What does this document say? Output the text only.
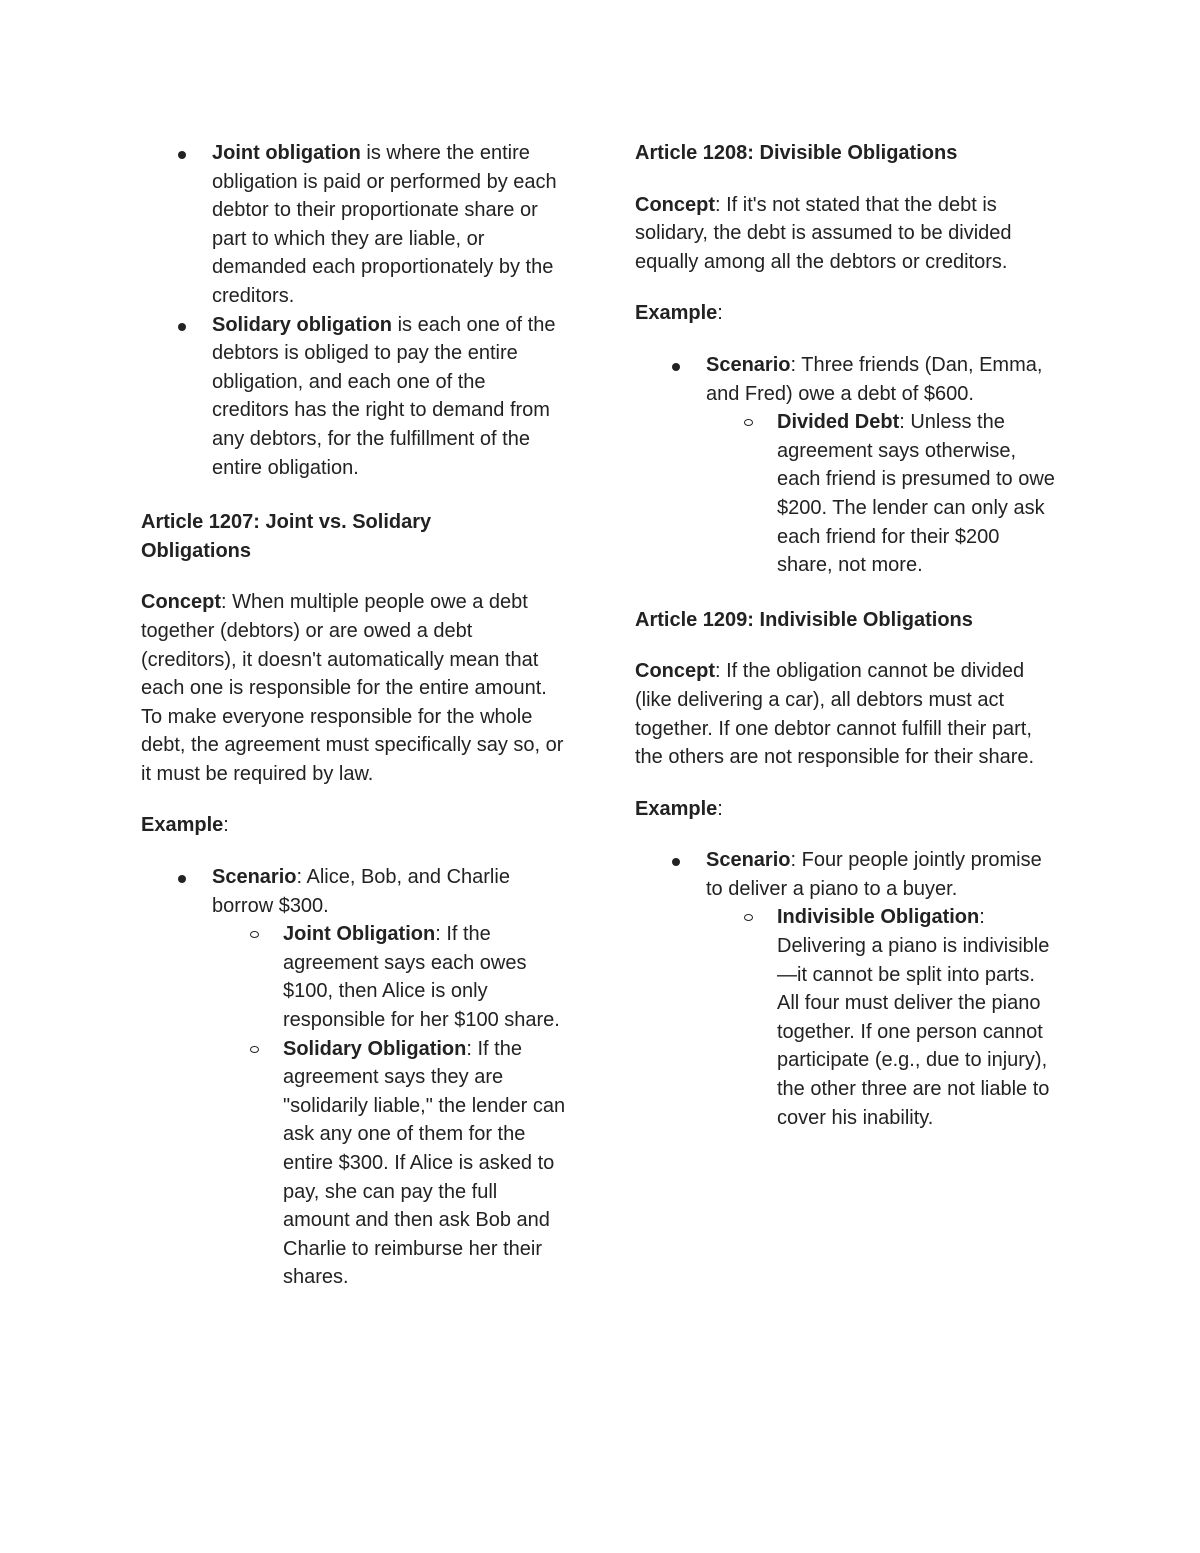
Joint obligation is where the entire obligation is paid or performed by each debtor to their proportionate share or part to which they are liable, or demanded each proportionately by the creditors.
Solidary obligation is each one of the debtors is obliged to pay the entire obligation, and each one of the creditors has the right to demand from any debtors, for the fulfillment of the entire obligation.

Article 1207: Joint vs. Solidary Obligations

Concept: When multiple people owe a debt together (debtors) or are owed a debt (creditors), it doesn't automatically mean that each one is responsible for the entire amount. To make everyone responsible for the whole debt, the agreement must specifically say so, or it must be required by law.

Example:

Scenario: Alice, Bob, and Charlie borrow $300.
Joint Obligation: If the agreement says each owes $100, then Alice is only responsible for her $100 share.
Solidary Obligation: If the agreement says they are "solidarily liable," the lender can ask any one of them for the entire $300. If Alice is asked to pay, she can pay the full amount and then ask Bob and Charlie to reimburse her their shares.

Article 1208: Divisible Obligations

Concept: If it's not stated that the debt is solidary, the debt is assumed to be divided equally among all the debtors or creditors.

Example:

Scenario: Three friends (Dan, Emma, and Fred) owe a debt of $600.
Divided Debt: Unless the agreement says otherwise, each friend is presumed to owe $200. The lender can only ask each friend for their $200 share, not more.

Article 1209: Indivisible Obligations

Concept: If the obligation cannot be divided (like delivering a car), all debtors must act together. If one debtor cannot fulfill their part, the others are not responsible for their share.

Example:

Scenario: Four people jointly promise to deliver a piano to a buyer.
Indivisible Obligation: Delivering a piano is indivisible—it cannot be split into parts. All four must deliver the piano together. If one person cannot participate (e.g., due to injury), the other three are not liable to cover his inability.
